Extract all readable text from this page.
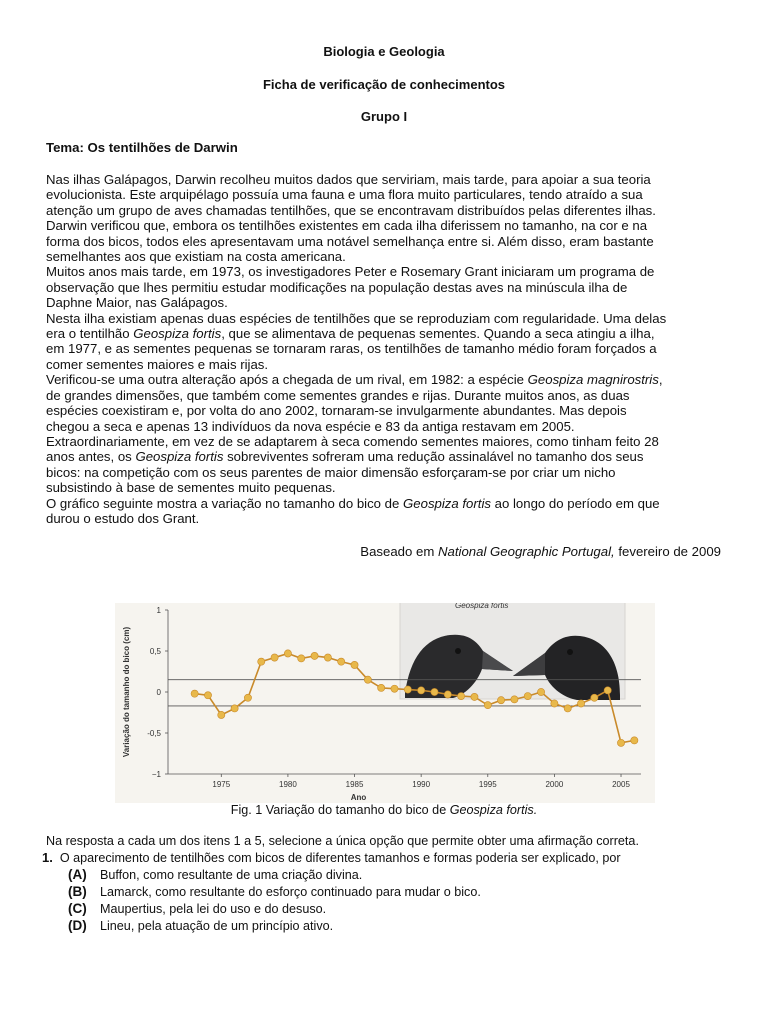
Biologia e Geologia
Ficha de verificação de conhecimentos
Grupo I
Tema: Os tentilhões de Darwin

Nas ilhas Galápagos, Darwin recolheu muitos dados que serviriam, mais tarde, para apoiar a sua teoria

evolucionista. Este arquipélago possuía uma fauna e uma flora muito particulares, tendo atraído a sua

atenção um grupo de aves chamadas tentilhões, que se encontravam distribuídos pelas diferentes ilhas.

Darwin verificou que, embora os tentilhões existentes em cada ilha diferissem no tamanho, na cor e na

forma dos bicos, todos eles apresentavam uma notável semelhança entre si. Além disso, eram bastante

semelhantes aos que existiam na costa americana.

Muitos anos mais tarde, em 1973, os investigadores Peter e Rosemary Grant iniciaram um programa de

observação que lhes permitiu estudar modificações na população destas aves na minúscula ilha de

Daphne Maior, nas Galápagos.

Nesta ilha existiam apenas duas espécies de tentilhões que se reproduziam com regularidade. Uma delas

era o tentilhão Geospiza fortis, que se alimentava de pequenas sementes. Quando a seca atingiu a ilha,

em 1977, e as sementes pequenas se tornaram raras, os tentilhões de tamanho médio foram forçados a

comer sementes maiores e mais rijas.

Verificou-se uma outra alteração após a chegada de um rival, em 1982: a espécie Geospiza magnirostris,

de grandes dimensões, que também come sementes grandes e rijas. Durante muitos anos, as duas

espécies coexistiram e, por volta do ano 2002, tornaram-se invulgarmente abundantes. Mas depois

chegou a seca e apenas 13 indivíduos da nova espécie e 83 da antiga restavam em 2005.

Extraordinariamente, em vez de se adaptarem à seca comendo sementes maiores, como tinham feito 28

anos antes, os Geospiza fortis sobreviventes sofreram uma redução assinalável no tamanho dos seus

bicos: na competição com os seus parentes de maior dimensão esforçaram-se por criar um nicho

subsistindo à base de sementes muito pequenas.

O gráfico seguinte mostra a variação no tamanho do bico de Geospiza fortis ao longo do período em que

durou o estudo dos Grant.

Baseado em National Geographic Portugal, fevereiro de 2009
Geospiza fortis
1
0,5
0
-0,5
−1
1975	1980	1985	1990	1995	2000	2005
Ano
Variação do tamanho do bico (cm)
Fig. 1 Variação do tamanho do bico de Geospiza fortis.
Na resposta a cada um dos itens 1 a 5, selecione a única opção que permite obter uma afirmação correta.
1. O aparecimento de tentilhões com bicos de diferentes tamanhos e formas poderia ser explicado, por
(A) Buffon, como resultante de uma criação divina.
(B) Lamarck, como resultante do esforço continuado para mudar o bico.
(C) Maupertius, pela lei do uso e do desuso.
(D) Lineu, pela atuação de um princípio ativo.
